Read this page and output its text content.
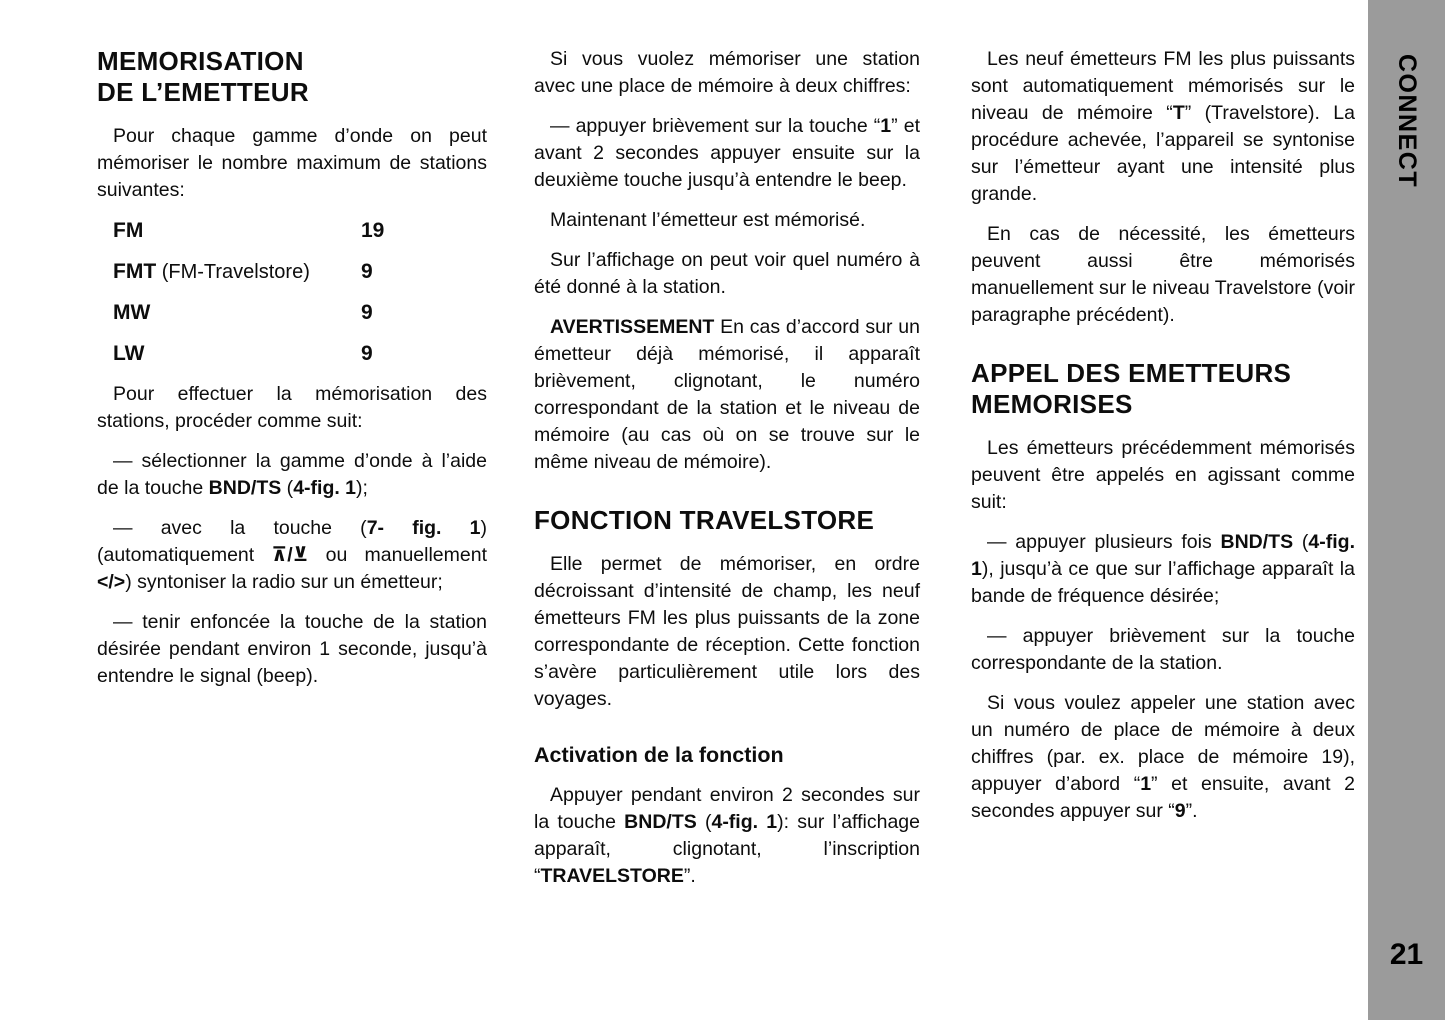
MEMORISATION
DE L’EMETTEUR

Pour chaque gamme d’onde on peut mémoriser le nombre maximum de stations suivantes:

FM	19
FMT (FM-Travelstore)	9
MW	9
LW	9

Pour effectuer la mémorisation des stations, procéder comme suit:

— sélectionner la gamme d’onde à l’aide de la touche BND/TS (4-fig. 1);

— avec la touche (7- fig. 1) (automatiquement ⊼/⊻ ou manuellement </>) syntoniser la radio sur un émetteur;

— tenir enfoncée la touche de la station désirée pendant environ 1 seconde, jusqu’à entendre le signal (beep).

Si vous vuolez mémoriser une station avec une place de mémoire à deux chiffres:

— appuyer brièvement sur la touche “1” et avant 2 secondes appuyer ensuite sur la deuxième touche jusqu’à entendre le beep.

Maintenant l’émetteur est mémorisé.

Sur l’affichage on peut voir quel numéro à été donné à la station.

AVERTISSEMENT En cas d’accord sur un émetteur déjà mémorisé, il apparaît brièvement, clignotant, le numéro correspondant de la station et le niveau de mémoire (au cas où on se trouve sur le même niveau de mémoire).

FONCTION TRAVELSTORE

Elle permet de mémoriser, en ordre décroissant d’intensité de champ, les neuf émetteurs FM les plus puissants de la zone correspondante de réception. Cette fonction s’avère particulièrement utile lors des voyages.

Activation de la fonction

Appuyer pendant environ 2 secondes sur la touche BND/TS (4-fig. 1): sur l’affichage apparaît, clignotant, l’inscription “TRAVELSTORE”.

Les neuf émetteurs FM les plus puissants sont automatiquement mémorisés sur le niveau de mémoire “T” (Travelstore). La procédure achevée, l’appareil se syntonise sur l’émetteur ayant une intensité plus grande.

En cas de nécessité, les émetteurs peuvent aussi être mémorisés manuellement sur le niveau Travelstore (voir paragraphe précédent).

APPEL DES EMETTEURS
MEMORISES

Les émetteurs précédemment mémorisés peuvent être appelés en agissant comme suit:

— appuyer plusieurs fois BND/TS (4-fig. 1), jusqu’à ce que sur l’affichage apparaît la bande de fréquence désirée;

— appuyer brièvement sur la touche correspondante de la station.

Si vous voulez appeler une station avec un numéro de place de mémoire à deux chiffres (par. ex. place de mémoire 19), appuyer d’abord “1” et ensuite, avant 2 secondes appuyer sur “9”.

CONNECT
21
